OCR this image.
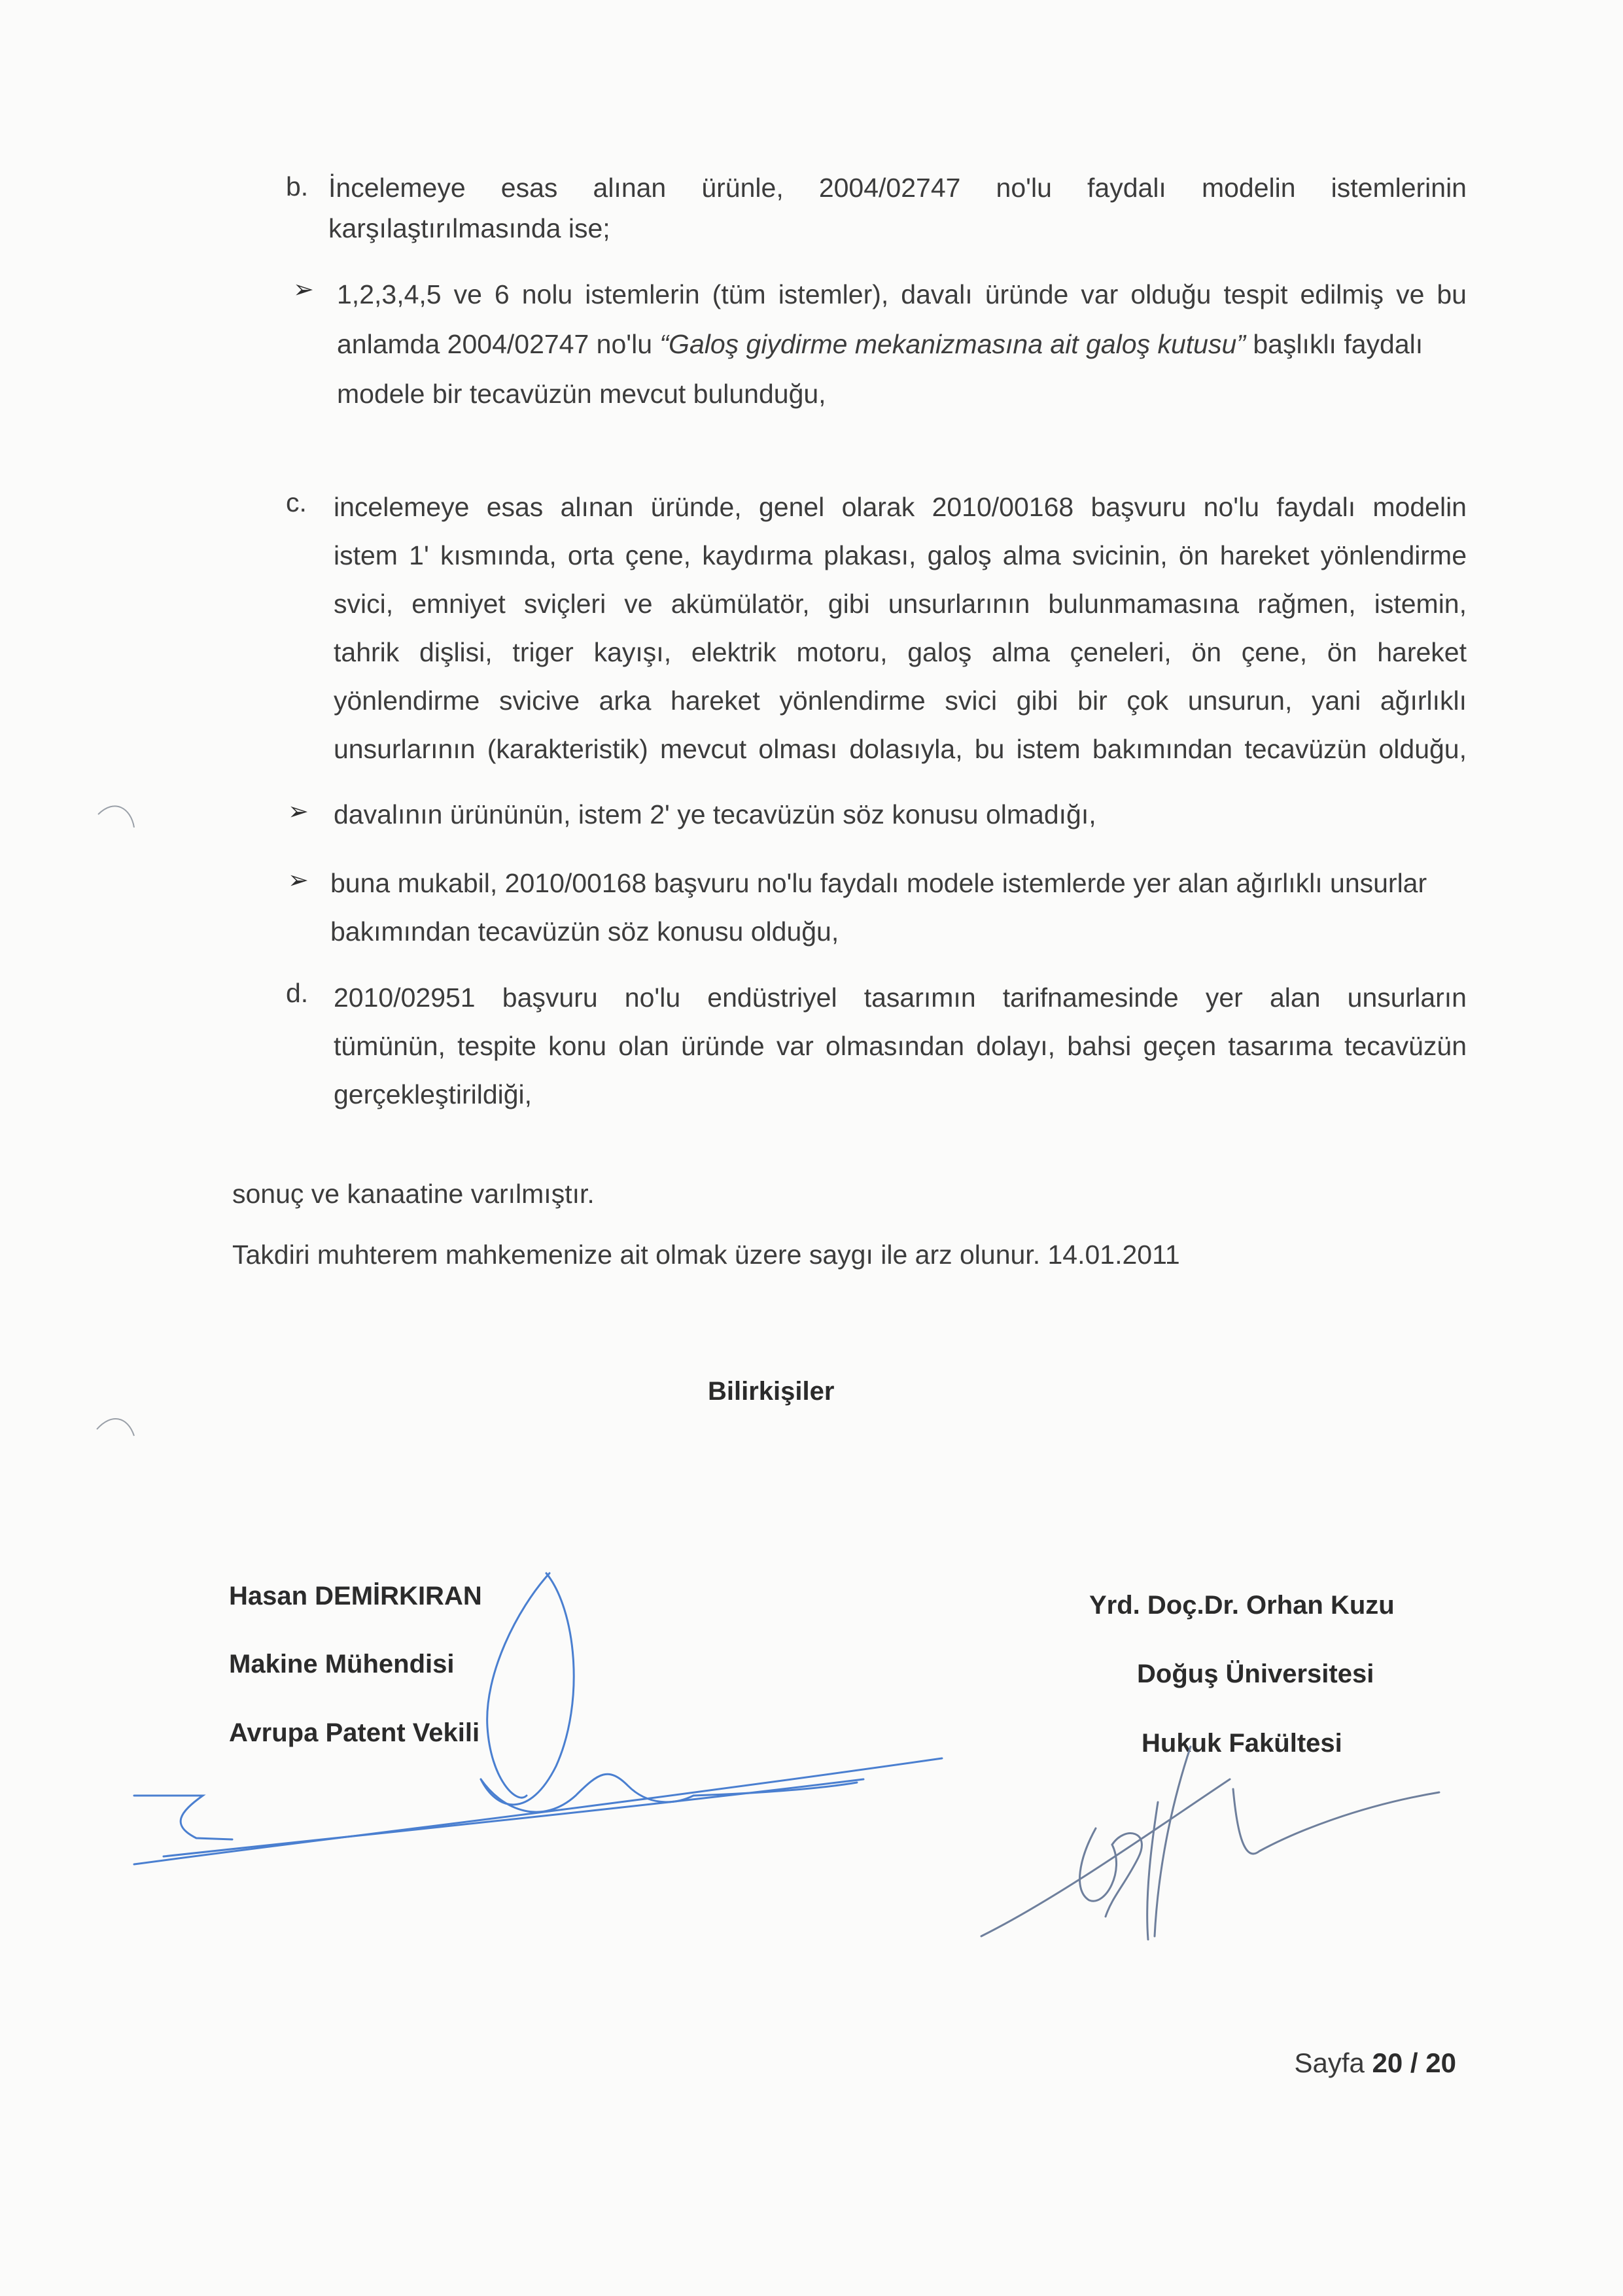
b. İncelemeye esas alınan ürünle, 2004/02747 no'lu faydalı modelin istemlerinin
karşılaştırılmasında ise;
➢ 1,2,3,4,5 ve 6 nolu istemlerin (tüm istemler), davalı üründe var olduğu tespit edilmiş ve bu
anlamda 2004/02747 no'lu “Galoş giydirme mekanizmasına ait galoş kutusu” başlıklı faydalı
modele bir tecavüzün mevcut bulunduğu,
c. incelemeye esas alınan üründe, genel olarak 2010/00168 başvuru no'lu faydalı modelin
istem 1' kısmında, orta çene, kaydırma plakası, galoş alma svicinin, ön hareket yönlendirme
svici, emniyet sviçleri ve akümülatör, gibi unsurlarının bulunmamasına rağmen, istemin,
tahrik dişlisi, triger kayışı, elektrik motoru, galoş alma çeneleri, ön çene, ön hareket
yönlendirme svicive arka hareket yönlendirme svici gibi bir çok unsurun, yani ağırlıklı
unsurlarının (karakteristik) mevcut olması dolasıyla, bu istem bakımından tecavüzün olduğu,
➢ davalının ürününün, istem 2' ye tecavüzün söz konusu olmadığı,
➢ buna mukabil, 2010/00168 başvuru no'lu faydalı modele istemlerde yer alan ağırlıklı unsurlar
bakımından tecavüzün söz konusu olduğu,
d. 2010/02951 başvuru no'lu endüstriyel tasarımın tarifnamesinde yer alan unsurların
tümünün, tespite konu olan üründe var olmasından dolayı, bahsi geçen tasarıma tecavüzün
gerçekleştirildiği,
sonuç ve kanaatine varılmıştır.
Takdiri muhterem mahkemenize ait olmak üzere saygı ile arz olunur. 14.01.2011
Bilirkişiler
Hasan DEMİRKIRAN
Makine Mühendisi
Avrupa Patent Vekili
Yrd. Doç.Dr. Orhan Kuzu
Doğuş Üniversitesi
Hukuk Fakültesi
Sayfa 20 / 20
